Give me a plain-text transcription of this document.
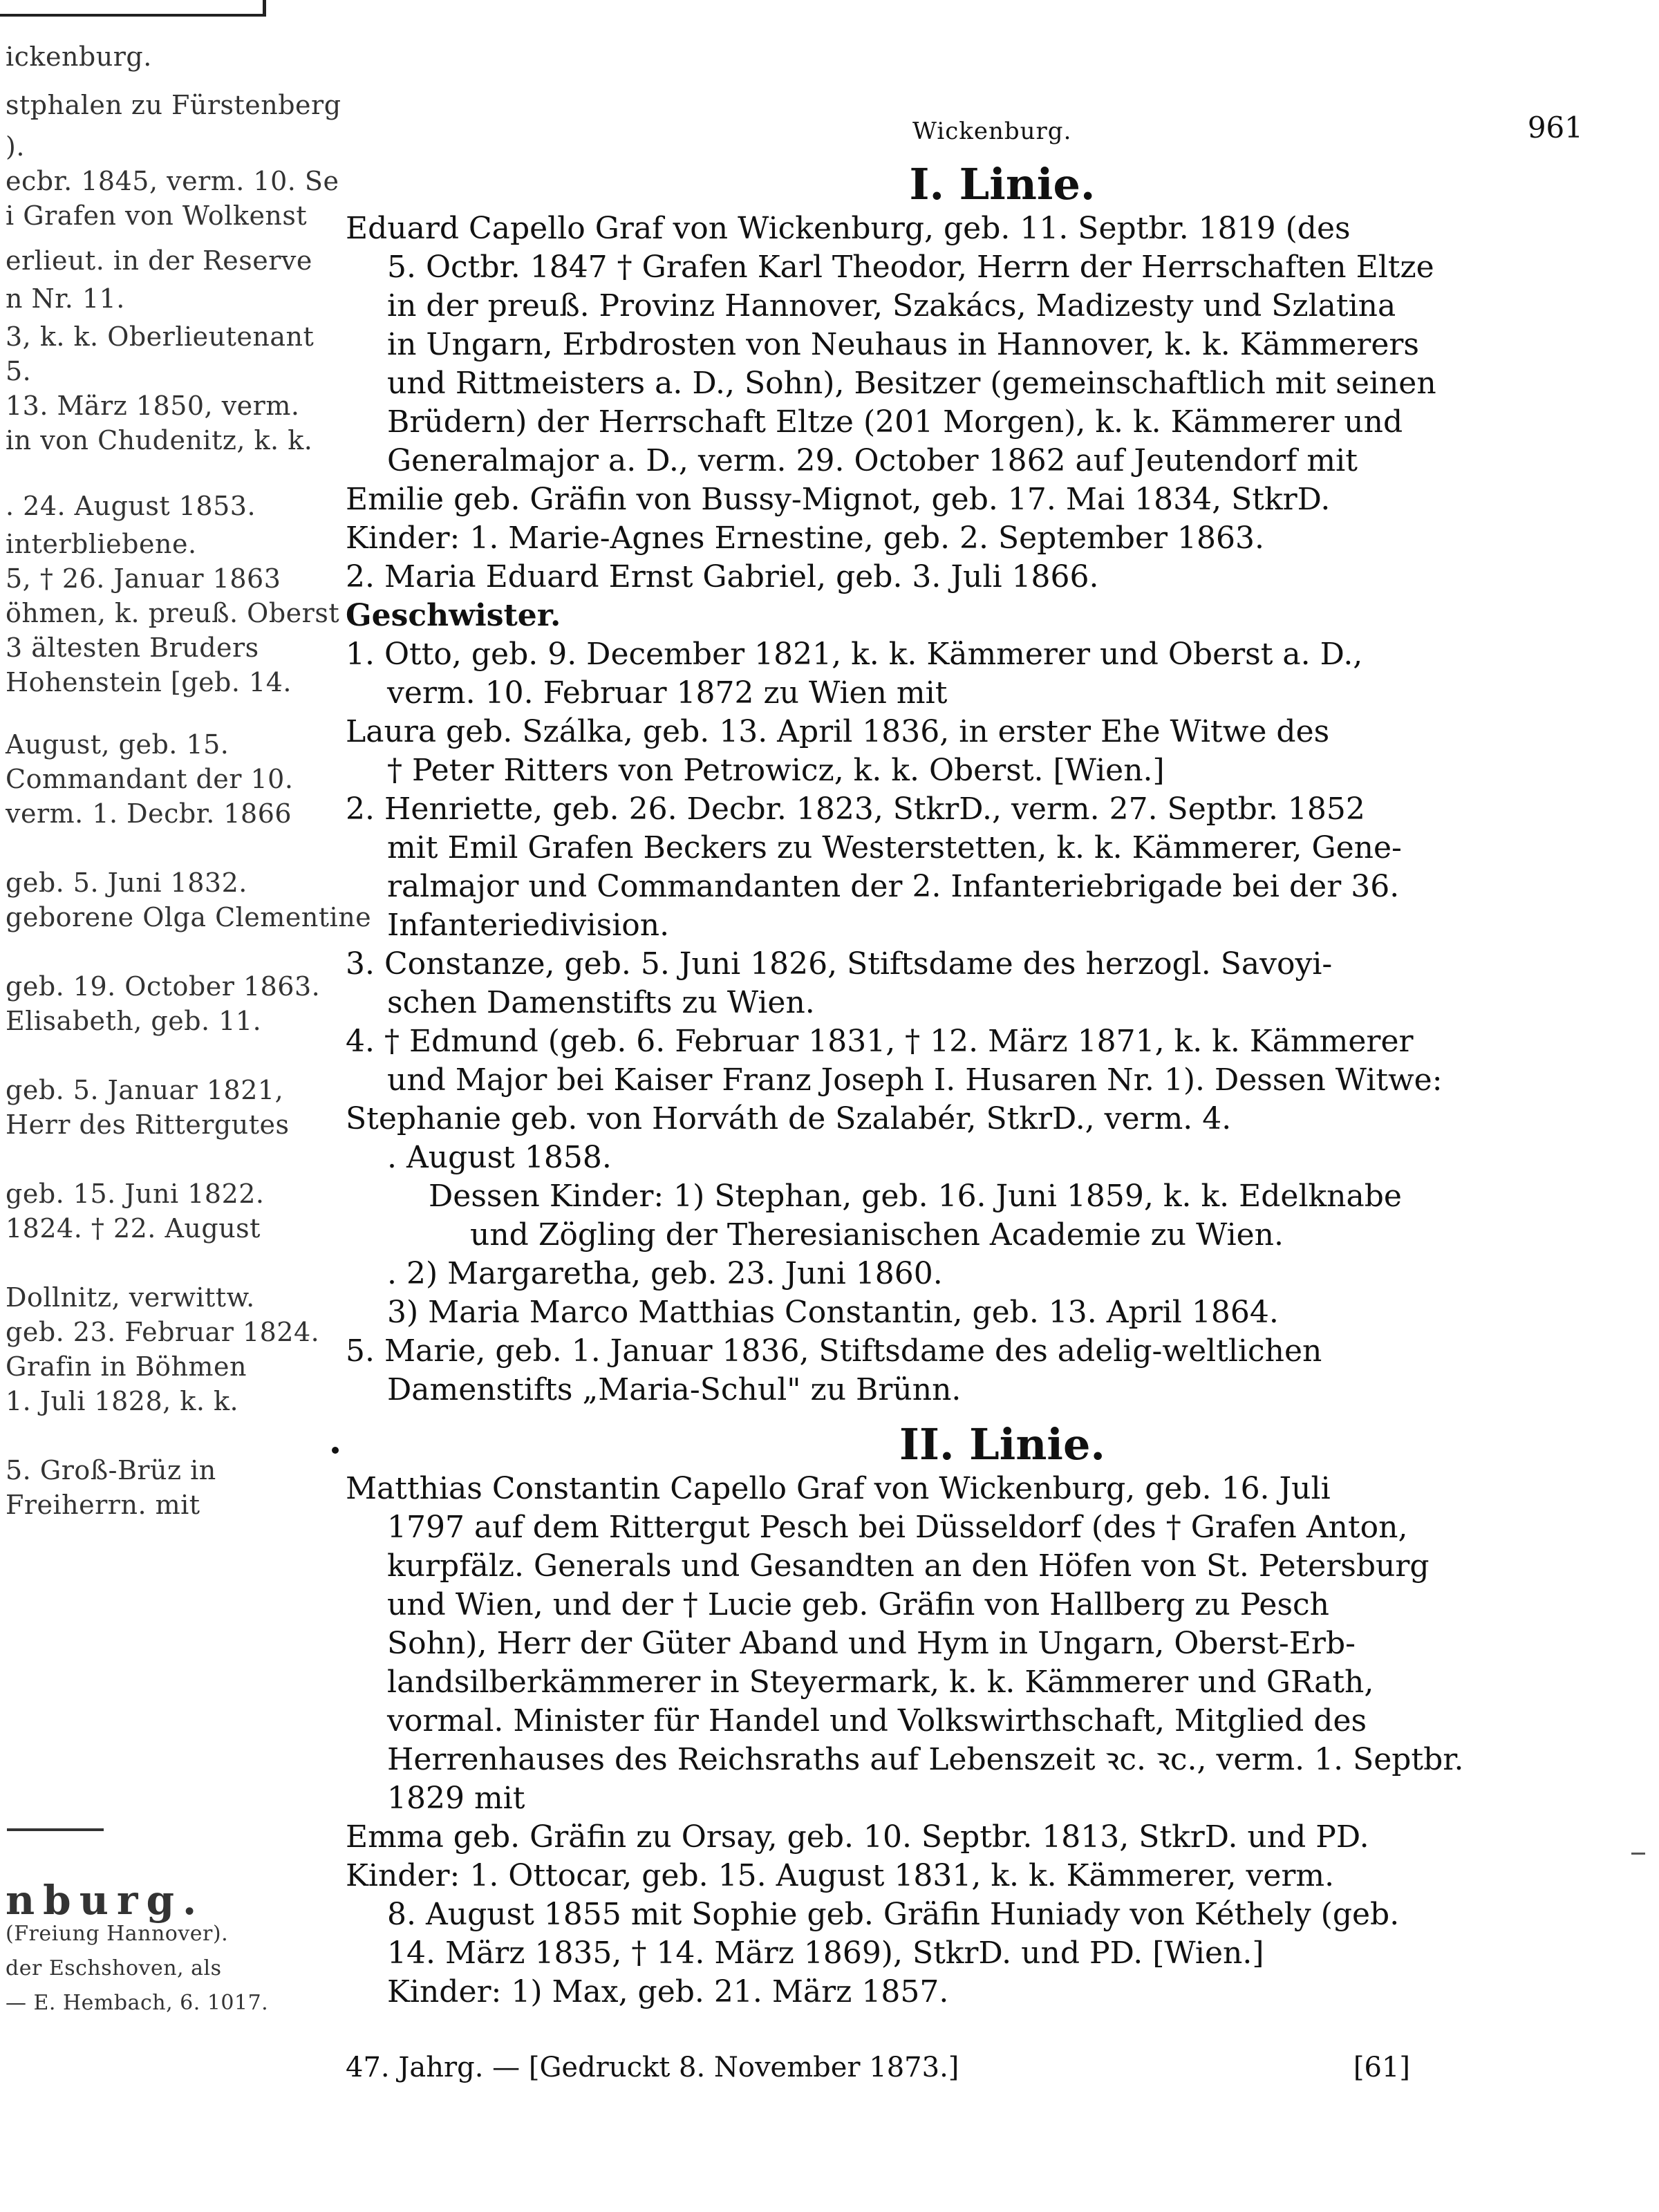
ickenburg.
stphalen zu Fürstenberg
).
ecbr. 1845, verm. 10. Se
i Grafen von Wolkenst
erlieut. in der Reserve
n Nr. 11.
3, k. k. Oberlieutenant
5.
13. März 1850, verm.
in von Chudenitz, k. k.
. 24. August 1853.
interbliebene.
5, † 26. Januar 1863
öhmen, k. preuß. Oberst
3 ältesten Bruders
Hohenstein [geb. 14.
August, geb. 15.
Commandant der 10.
verm. 1. Decbr. 1866
geb. 5. Juni 1832.
geborene Olga Clementine
geb. 19. October 1863.
Elisabeth, geb. 11.
geb. 5. Januar 1821,
Herr des Rittergutes
geb. 15. Juni 1822.
1824. † 22. August
Dollnitz, verwittw.
geb. 23. Februar 1824.
Grafin in Böhmen
1. Juli 1828, k. k.
5. Groß-Brüz in
Freiherrn. mit
nburg.
(Freiung Hannover).
der Eschshoven, als
— E. Hembach, 6. 1017.
Wickenburg.	961
I. Linie.
Eduard Capello Graf von Wickenburg, geb. 11. Septbr. 1819 (des
5. Octbr. 1847 † Grafen Karl Theodor, Herrn der Herrschaften Eltze
in der preuß. Provinz Hannover, Szakács, Madizesty und Szlatina
in Ungarn, Erbdrosten von Neuhaus in Hannover, k. k. Kämmerers
und Rittmeisters a. D., Sohn), Besitzer (gemeinschaftlich mit seinen
Brüdern) der Herrschaft Eltze (201 Morgen), k. k. Kämmerer und
Generalmajor a. D., verm. 29. October 1862 auf Jeutendorf mit
Emilie geb. Gräfin von Bussy-Mignot, geb. 17. Mai 1834, StkrD.
Kinder: 1. Marie-Agnes Ernestine, geb. 2. September 1863.
2. Maria Eduard Ernst Gabriel, geb. 3. Juli 1866.
Geschwister.
1. Otto, geb. 9. December 1821, k. k. Kämmerer und Oberst a. D.,
verm. 10. Februar 1872 zu Wien mit
Laura geb. Szálka, geb. 13. April 1836, in erster Ehe Witwe des
† Peter Ritters von Petrowicz, k. k. Oberst. [Wien.]
2. Henriette, geb. 26. Decbr. 1823, StkrD., verm. 27. Septbr. 1852
mit Emil Grafen Beckers zu Westerstetten, k. k. Kämmerer, Gene-
ralmajor und Commandanten der 2. Infanteriebrigade bei der 36.
Infanteriedivision.
3. Constanze, geb. 5. Juni 1826, Stiftsdame des herzogl. Savoyi-
schen Damenstifts zu Wien.
4. † Edmund (geb. 6. Februar 1831, † 12. März 1871, k. k. Kämmerer
und Major bei Kaiser Franz Joseph I. Husaren Nr. 1). Dessen Witwe:
Stephanie geb. von Horváth de Szalabér, StkrD., verm. 4.
. August 1858.
Dessen Kinder: 1) Stephan, geb. 16. Juni 1859, k. k. Edelknabe
und Zögling der Theresianischen Academie zu Wien.
. 2) Margaretha, geb. 23. Juni 1860.
3) Maria Marco Matthias Constantin, geb. 13. April 1864.
5. Marie, geb. 1. Januar 1836, Stiftsdame des adelig-weltlichen
Damenstifts „Maria-Schul" zu Brünn.
II. Linie.
Matthias Constantin Capello Graf von Wickenburg, geb. 16. Juli
1797 auf dem Rittergut Pesch bei Düsseldorf (des † Grafen Anton,
kurpfälz. Generals und Gesandten an den Höfen von St. Petersburg
und Wien, und der † Lucie geb. Gräfin von Hallberg zu Pesch
Sohn), Herr der Güter Aband und Hym in Ungarn, Oberst-Erb-
landsilberkämmerer in Steyermark, k. k. Kämmerer und GRath,
vormal. Minister für Handel und Volkswirthschaft, Mitglied des
Herrenhauses des Reichsraths auf Lebenszeit ꝛc. ꝛc., verm. 1. Septbr.
1829 mit
Emma geb. Gräfin zu Orsay, geb. 10. Septbr. 1813, StkrD. und PD.
Kinder: 1. Ottocar, geb. 15. August 1831, k. k. Kämmerer, verm.
8. August 1855 mit Sophie geb. Gräfin Huniady von Kéthely (geb.
14. März 1835, † 14. März 1869), StkrD. und PD. [Wien.]
Kinder: 1) Max, geb. 21. März 1857.
47. Jahrg. — [Gedruckt 8. November 1873.]	[61]
